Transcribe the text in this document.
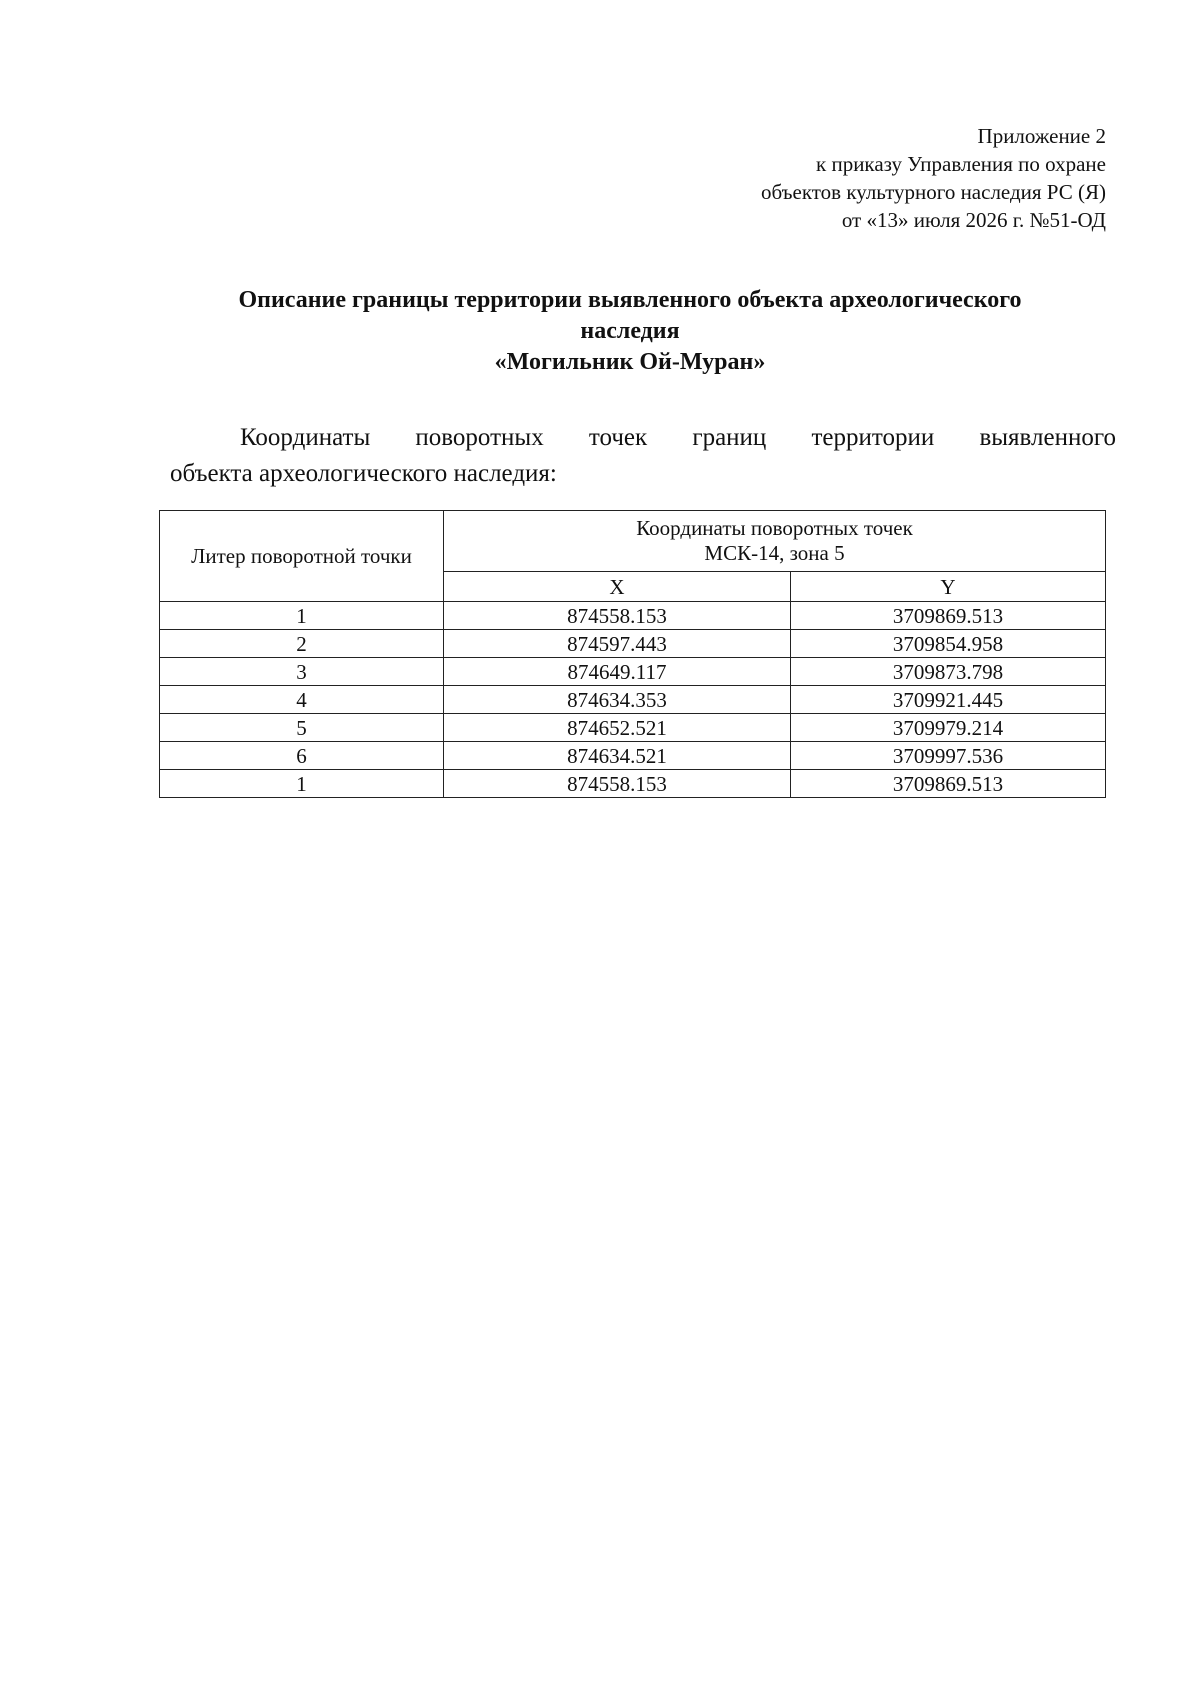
Приложение 2
к приказу Управления по охране
объектов культурного наследия РС (Я)
от «13» июля 2026 г. №51-ОД
Описание границы территории выявленного объекта археологического
наследия
«Могильник Ой-Муран»
Координаты поворотных точек границ территории выявленного
объекта археологического наследия:
Литер поворотной точки	Координаты поворотных точек
МСК-14, зона 5	

	X	Y
1	874558.153	3709869.513
2	874597.443	3709854.958
3	874649.117	3709873.798
4	874634.353	3709921.445
5	874652.521	3709979.214
6	874634.521	3709997.536
1	874558.153	3709869.513
